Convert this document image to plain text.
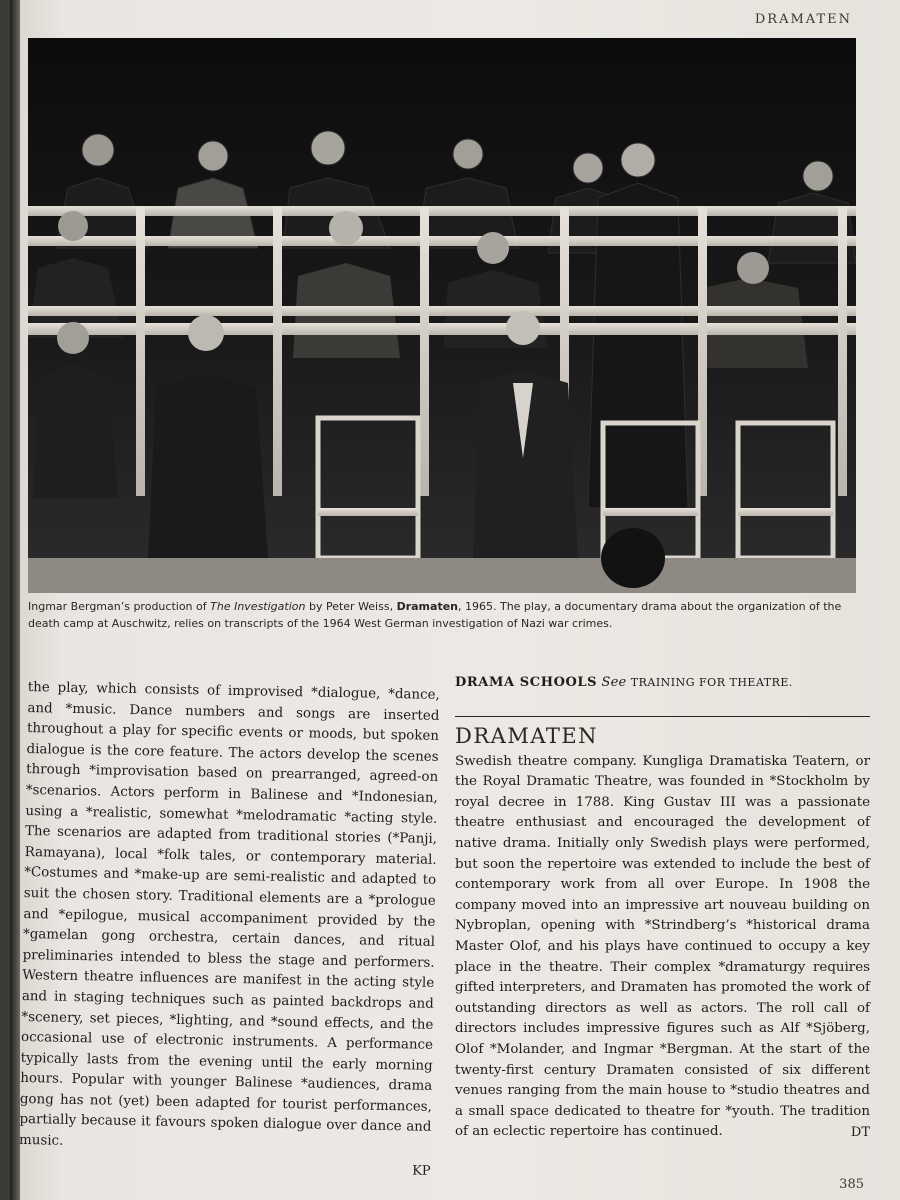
DRAMATEN
Ingmar Bergman’s production of The Investigation by Peter Weiss, Dramaten, 1965. The play, a documentary drama about the organization of the death camp at Auschwitz, relies on transcripts of the 1964 West German investigation of Nazi war crimes.

the play, which consists of improvised *dialogue, *dance, and *music. Dance numbers and songs are inserted throughout a play for specific events or moods, but spoken dialogue is the core feature. The actors develop the scenes through *improvisation based on prearranged, agreed-on *scenarios. Actors perform in Balinese and *Indonesian, using a *realistic, somewhat *melodramatic *acting style. The scenarios are adapted from traditional stories (*Panji, Ramayana), local *folk tales, or contemporary material. *Costumes and *make-up are semi-realistic and adapted to suit the chosen story. Traditional elements are a *prologue and *epilogue, musical accompaniment provided by the *gamelan gong orchestra, certain dances, and ritual preliminaries intended to bless the stage and performers. Western theatre influences are manifest in the acting style and in staging techniques such as painted backdrops and *scenery, set pieces, *lighting, and *sound effects, and the occasional use of electronic instruments. A performance typically lasts from the evening until the early morning hours. Popular with younger Balinese *audiences, drama gong has not (yet) been adapted for tourist performances, partially because it favours spoken dialogue over dance and music.

KP
DRAMA SCHOOLS See TRAINING FOR THEATRE.
DRAMATEN

Swedish theatre company. Kungliga Dramatiska Teatern, or the Royal Dramatic Theatre, was founded in *Stockholm by royal decree in 1788. King Gustav III was a passionate theatre enthusiast and encouraged the development of native drama. Initially only Swedish plays were performed, but soon the repertoire was extended to include the best of contemporary work from all over Europe. In 1908 the company moved into an impressive art nouveau building on Nybroplan, opening with *Strindberg’s *historical drama Master Olof, and his plays have continued to occupy a key place in the theatre. Their complex *dramaturgy requires gifted interpreters, and Dramaten has promoted the work of outstanding directors as well as actors. The roll call of directors includes impressive figures such as Alf *Sjöberg, Olof *Molander, and Ingmar *Bergman. At the start of the twenty-first century Dramaten consisted of six different venues ranging from the main house to *studio theatres and a small space dedicated to theatre for *youth. The tradition of an eclectic repertoire has continued.	DT
385
